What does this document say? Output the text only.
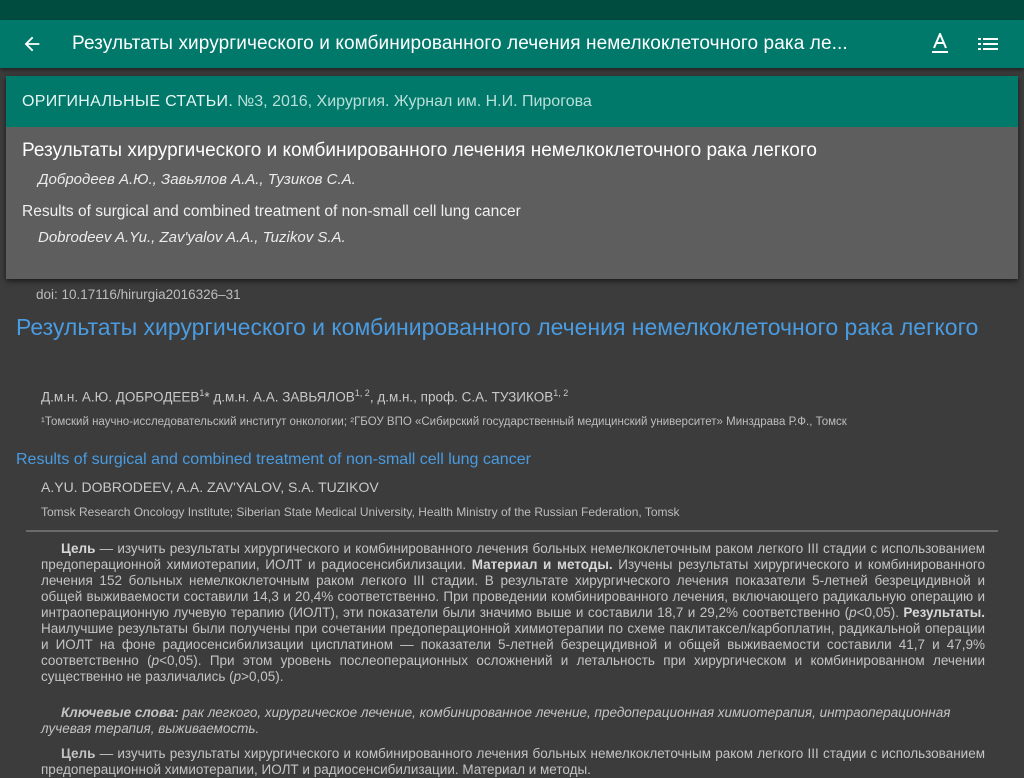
Результаты хирургического и комбинированного лечения немелкоклеточного рака ле...
ОРИГИНАЛЬНЫЕ СТАТЬИ. №3, 2016, Хирургия. Журнал им. Н.И. Пирогова
Результаты хирургического и комбинированного лечения немелкоклеточного рака легкого
Добродеев А.Ю., Завьялов А.А., Тузиков С.А.
Results of surgical and combined treatment of non-small cell lung cancer
Dobrodeev A.Yu., Zav'yalov A.A., Tuzikov S.A.
doi: 10.17116/hirurgia2016326–31
Результаты хирургического и комбинированного лечения немелкоклеточного рака легкого
Д.м.н. А.Ю. ДОБРОДЕЕВ$^1$* д.м.н. А.А. ЗАВЬЯЛОВ$^{1, 2}$, д.м.н., проф. С.А. ТУЗИКОВ$^{1, 2}$
¹Томский научно-исследовательский институт онкологии; ²ГБОУ ВПО «Сибирский государственный медицинский университет» Минздрава Р.Ф., Томск
Results of surgical and combined treatment of non-small cell lung cancer
A.YU. DOBRODEEV, A.A. ZAV'YALOV, S.A. TUZIKOV
Tomsk Research Oncology Institute; Siberian State Medical University, Health Ministry of the Russian Federation, Tomsk
Цель — изучить результаты хирургического и комбинированного лечения больных немелкоклеточным раком легкого III стадии с использованием предоперационной химиотерапии, ИОЛТ и радиосенсибилизации. Материал и методы. Изучены результаты хирургического и комбинированного лечения 152 больных немелкоклеточным раком легкого III стадии. В результате хирургического лечения показатели 5-летней безрецидивной и общей выживаемости составили 14,3 и 20,4% соответственно. При проведении комбинированного лечения, включающего радикальную операцию и интраоперационную лучевую терапию (ИОЛТ), эти показатели были значимо выше и составили 18,7 и 29,2% соответственно (p<0,05). Результаты. Наилучшие результаты были получены при сочетании предоперационной химиотерапии по схеме паклитаксел/карбоплатин, радикальной операции и ИОЛТ на фоне радиосенсибилизации цисплатином — показатели 5-летней безрецидивной и общей выживаемости составили 41,7 и 47,9% соответственно (p<0,05). При этом уровень послеоперационных осложнений и летальность при хирургическом и комбинированном лечении существенно не различались (p>0,05).
Ключевые слова: рак легкого, хирургическое лечение, комбинированное лечение, предоперационная химиотерапия, интраоперационная лучевая терапия, выживаемость.
Цель — изучить результаты хирургического и комбинированного лечения больных немелкоклеточным раком легкого III стадии с использованием предоперационной химиотерапии, ИОЛТ и радиосенсибилизации. Материал и методы.
